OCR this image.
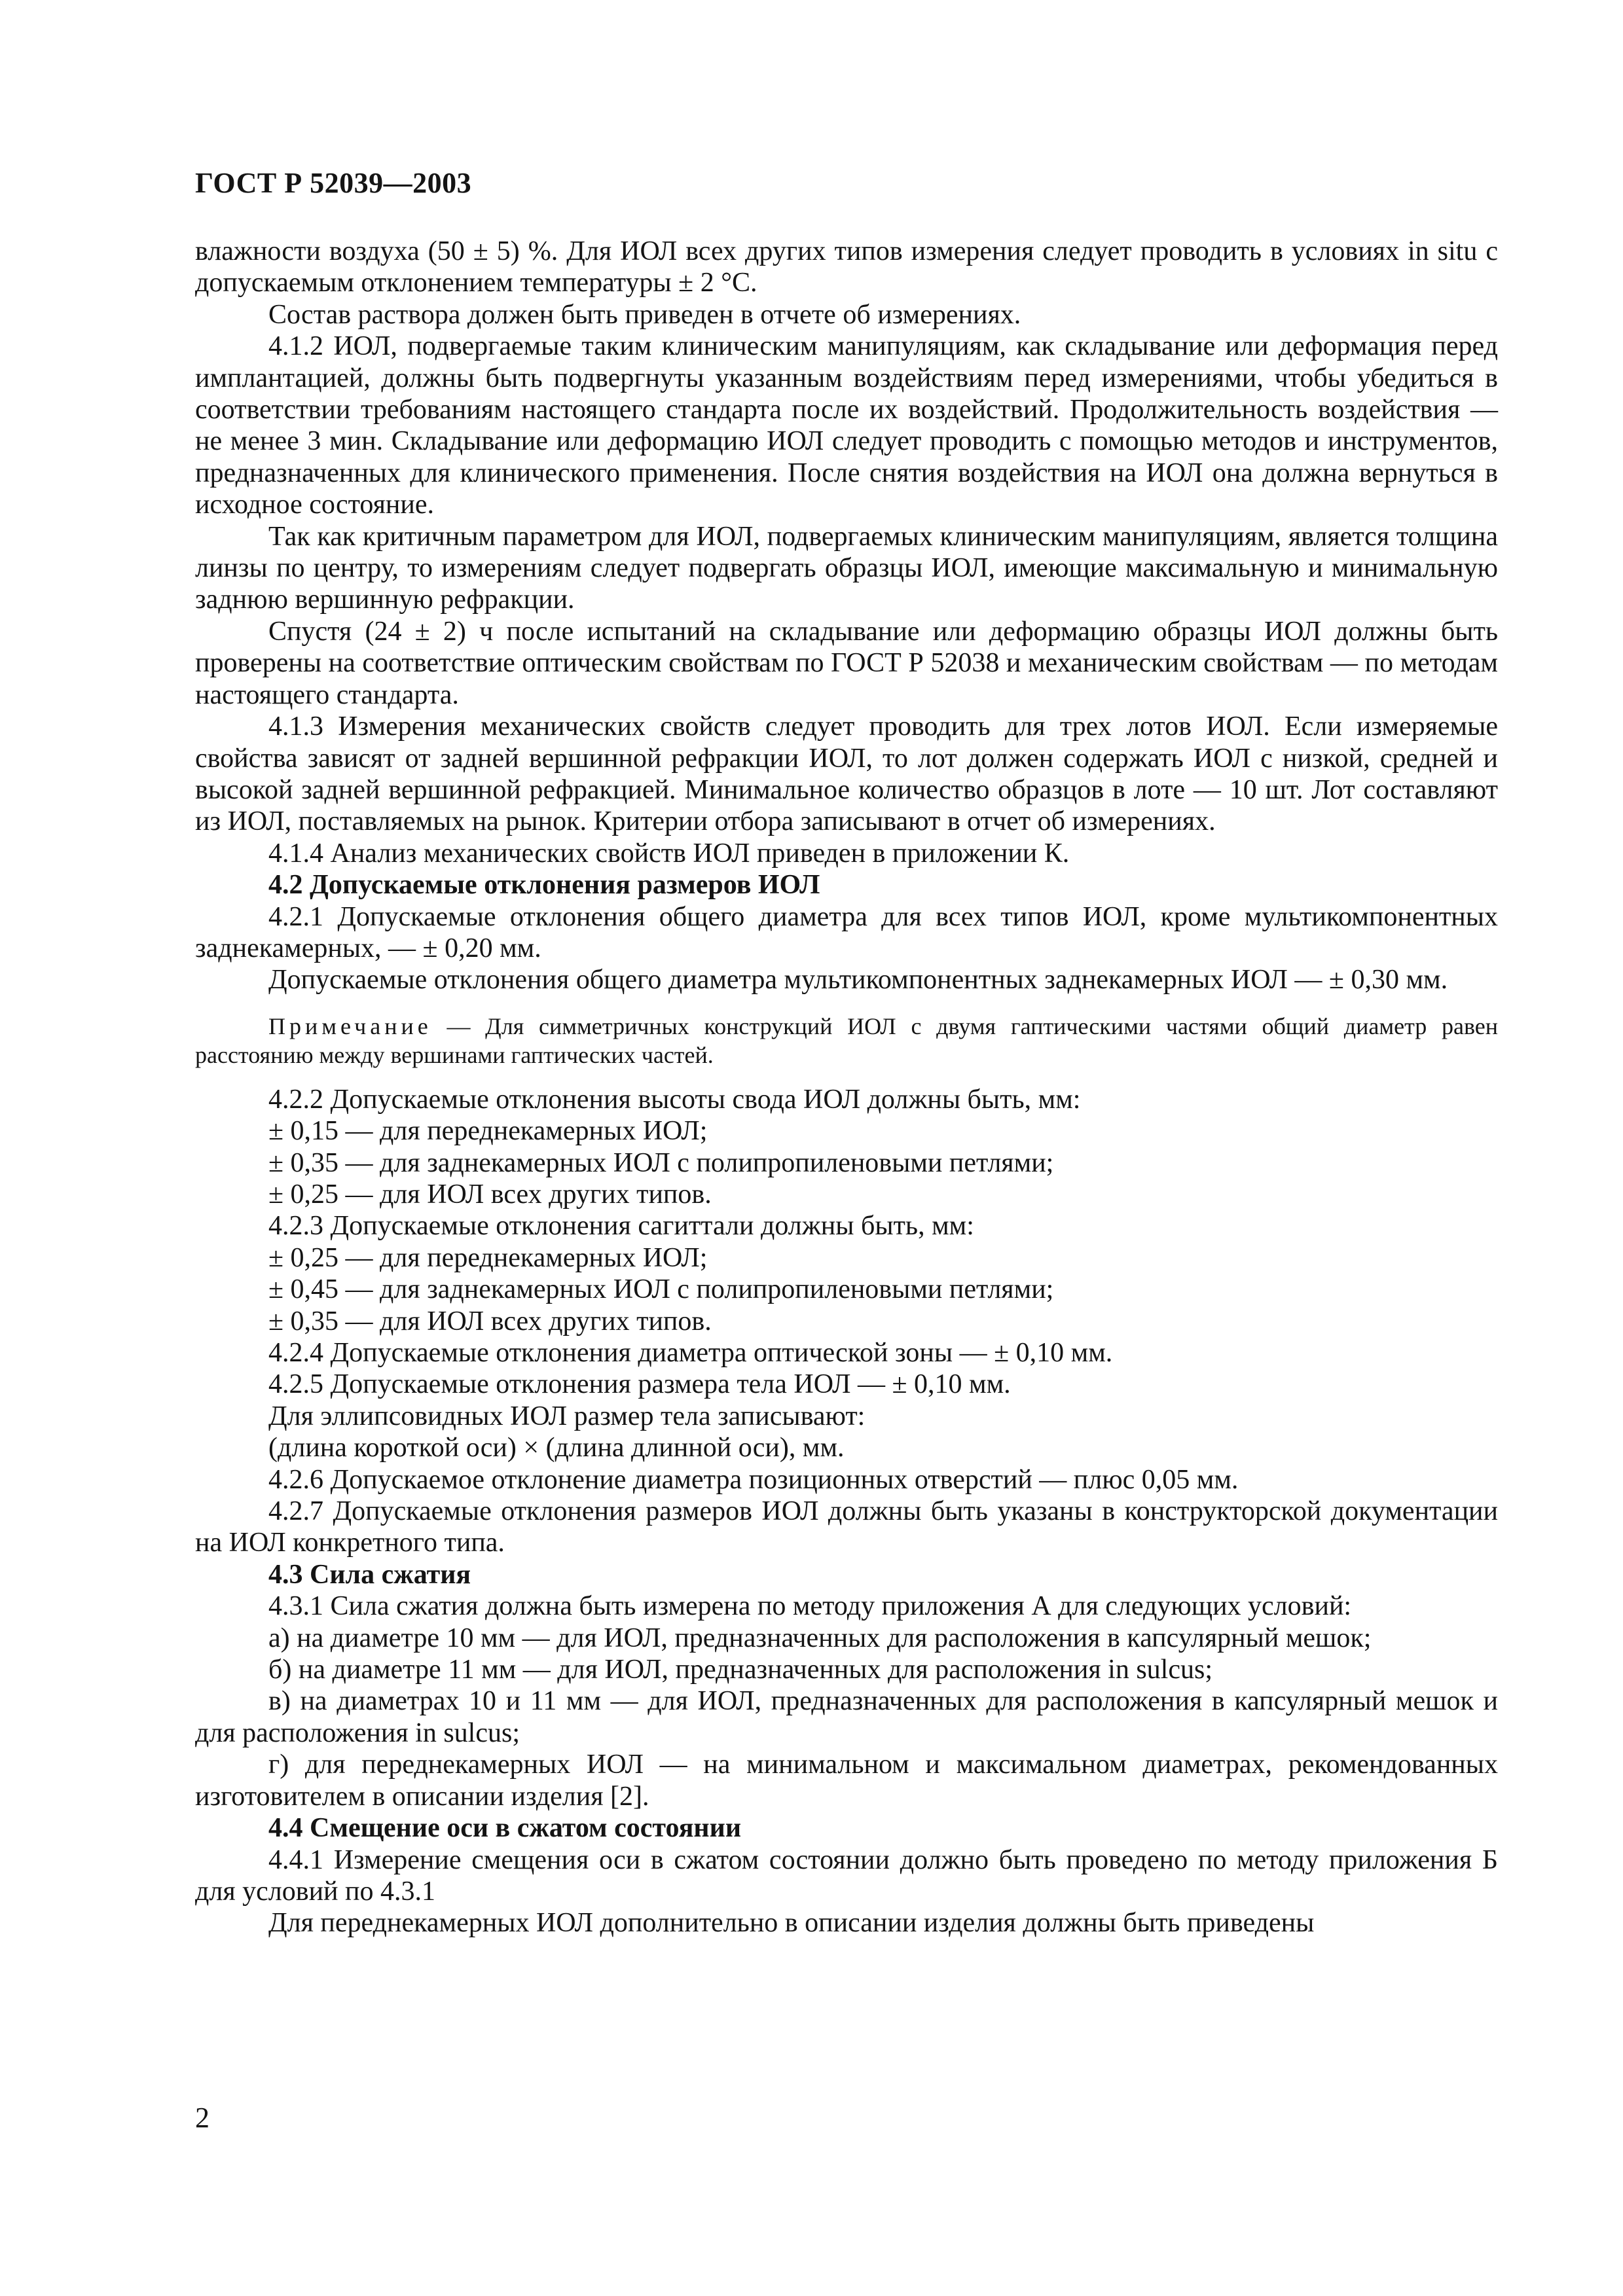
ГОСТ Р 52039—2003

влажности воздуха (50 ± 5) %. Для ИОЛ всех других типов измерения следует проводить в условиях in situ с допускаемым отклонением температуры ± 2 °С.

Состав раствора должен быть приведен в отчете об измерениях.

4.1.2 ИОЛ, подвергаемые таким клиническим манипуляциям, как складывание или деформация перед имплантацией, должны быть подвергнуты указанным воздействиям перед измерениями, чтобы убедиться в соответствии требованиям настоящего стандарта после их воздействий. Продолжительность воздействия — не менее 3 мин. Складывание или деформацию ИОЛ следует проводить с помощью методов и инструментов, предназначенных для клинического применения. После снятия воздействия на ИОЛ она должна вернуться в исходное состояние.

Так как критичным параметром для ИОЛ, подвергаемых клиническим манипуляциям, является толщина линзы по центру, то измерениям следует подвергать образцы ИОЛ, имеющие максимальную и минимальную заднюю вершинную рефракции.

Спустя (24 ± 2) ч после испытаний на складывание или деформацию образцы ИОЛ должны быть проверены на соответствие оптическим свойствам по ГОСТ Р 52038 и механическим свойствам — по методам настоящего стандарта.

4.1.3 Измерения механических свойств следует проводить для трех лотов ИОЛ. Если измеряемые свойства зависят от задней вершинной рефракции ИОЛ, то лот должен содержать ИОЛ с низкой, средней и высокой задней вершинной рефракцией. Минимальное количество образцов в лоте — 10 шт. Лот составляют из ИОЛ, поставляемых на рынок. Критерии отбора записывают в отчет об измерениях.

4.1.4 Анализ механических свойств ИОЛ приведен в приложении К.

4.2 Допускаемые отклонения размеров ИОЛ

4.2.1 Допускаемые отклонения общего диаметра для всех типов ИОЛ, кроме мультикомпонентных заднекамерных, — ± 0,20 мм.

Допускаемые отклонения общего диаметра мультикомпонентных заднекамерных ИОЛ — ± 0,30 мм.

Примечание — Для симметричных конструкций ИОЛ с двумя гаптическими частями общий диаметр равен расстоянию между вершинами гаптических частей.

4.2.2 Допускаемые отклонения высоты свода ИОЛ должны быть, мм:

± 0,15 — для переднекамерных ИОЛ;

± 0,35 — для заднекамерных ИОЛ с полипропиленовыми петлями;

± 0,25 — для ИОЛ всех других типов.

4.2.3 Допускаемые отклонения сагиттали должны быть, мм:

± 0,25 — для переднекамерных ИОЛ;

± 0,45 — для заднекамерных ИОЛ с полипропиленовыми петлями;

± 0,35 — для ИОЛ всех других типов.

4.2.4 Допускаемые отклонения диаметра оптической зоны — ± 0,10 мм.

4.2.5 Допускаемые отклонения размера тела ИОЛ — ± 0,10 мм.

Для эллипсовидных ИОЛ размер тела записывают:

(длина короткой оси) × (длина длинной оси), мм.

4.2.6 Допускаемое отклонение диаметра позиционных отверстий — плюс 0,05 мм.

4.2.7 Допускаемые отклонения размеров ИОЛ должны быть указаны в конструкторской документации на ИОЛ конкретного типа.

4.3 Сила сжатия

4.3.1 Сила сжатия должна быть измерена по методу приложения А для следующих условий:

а) на диаметре 10 мм — для ИОЛ, предназначенных для расположения в капсулярный мешок;

б) на диаметре 11 мм — для ИОЛ, предназначенных для расположения in sulcus;

в) на диаметрах 10 и 11 мм — для ИОЛ, предназначенных для расположения в капсулярный мешок и для расположения in sulcus;

г) для переднекамерных ИОЛ — на минимальном и максимальном диаметрах, рекомендованных изготовителем в описании изделия [2].

4.4 Смещение оси в сжатом состоянии

4.4.1 Измерение смещения оси в сжатом состоянии должно быть проведено по методу приложения Б для условий по 4.3.1

Для переднекамерных ИОЛ дополнительно в описании изделия должны быть приведены

2
